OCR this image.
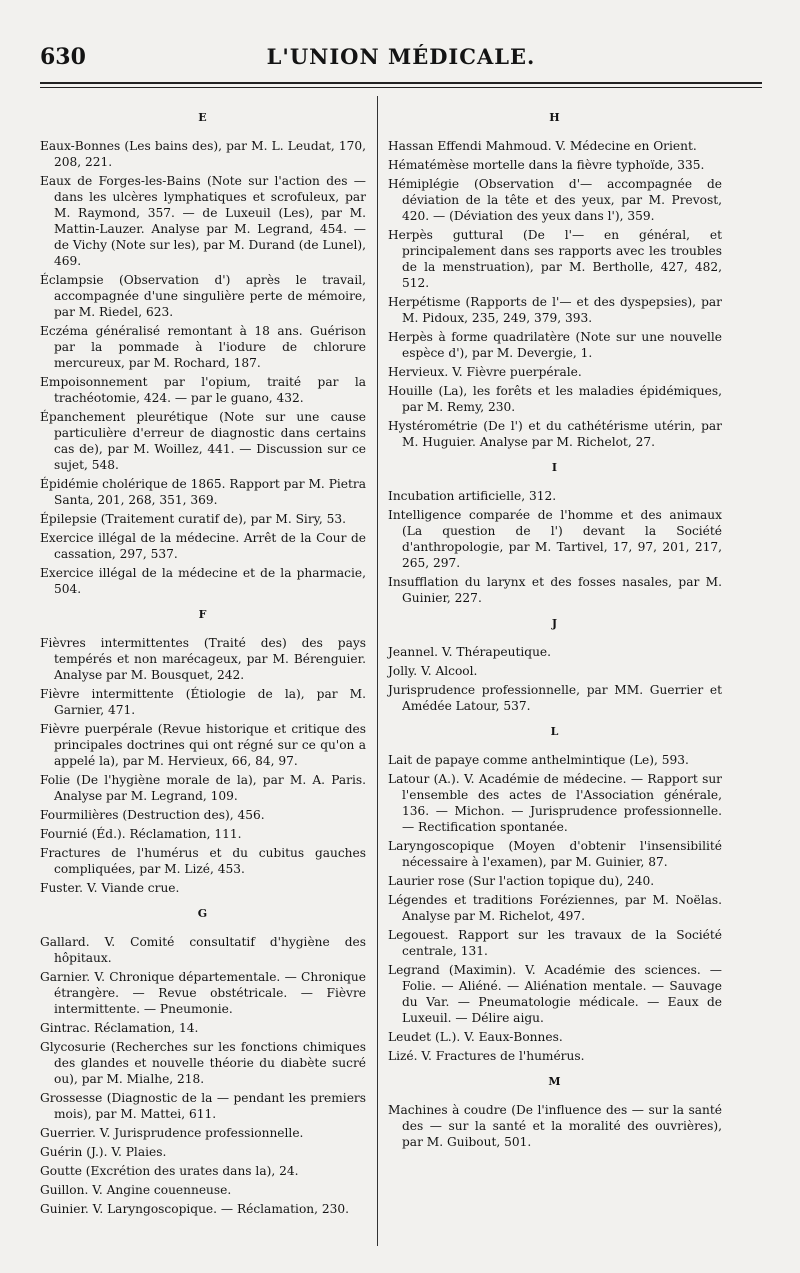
630	L'UNION MÉDICALE.
E

Eaux-Bonnes (Les bains des), par M. L. Leudat, 170, 208, 221.

Eaux de Forges-les-Bains (Note sur l'action des — dans les ulcères lymphatiques et scrofuleux, par M. Raymond, 357. — de Luxeuil (Les), par M. Mattin-Lauzer. Analyse par M. Legrand, 454. — de Vichy (Note sur les), par M. Durand (de Lunel), 469.

Éclampsie (Observation d') après le travail, accompagnée d'une singulière perte de mémoire, par M. Riedel, 623.

Eczéma généralisé remontant à 18 ans. Guérison par la pommade à l'iodure de chlorure mercureux, par M. Rochard, 187.

Empoisonnement par l'opium, traité par la trachéotomie, 424. — par le guano, 432.

Épanchement pleurétique (Note sur une cause particulière d'erreur de diagnostic dans certains cas de), par M. Woillez, 441. — Discussion sur ce sujet, 548.

Épidémie cholérique de 1865. Rapport par M. Pietra Santa, 201, 268, 351, 369.

Épilepsie (Traitement curatif de), par M. Siry, 53.

Exercice illégal de la médecine. Arrêt de la Cour de cassation, 297, 537.

Exercice illégal de la médecine et de la pharmacie, 504.

F

Fièvres intermittentes (Traité des) des pays tempérés et non marécageux, par M. Bérenguier. Analyse par M. Bousquet, 242.

Fièvre intermittente (Étiologie de la), par M. Garnier, 471.

Fièvre puerpérale (Revue historique et critique des principales doctrines qui ont régné sur ce qu'on a appelé la), par M. Hervieux, 66, 84, 97.

Folie (De l'hygiène morale de la), par M. A. Paris. Analyse par M. Legrand, 109.

Fourmilières (Destruction des), 456.

Fournié (Éd.). Réclamation, 111.

Fractures de l'humérus et du cubitus gauches compliquées, par M. Lizé, 453.

Fuster. V. Viande crue.

G

Gallard. V. Comité consultatif d'hygiène des hôpitaux.

Garnier. V. Chronique départementale. — Chronique étrangère. — Revue obstétricale. — Fièvre intermittente. — Pneumonie.

Gintrac. Réclamation, 14.

Glycosurie (Recherches sur les fonctions chimiques des glandes et nouvelle théorie du diabète sucré ou), par M. Mialhe, 218.

Grossesse (Diagnostic de la — pendant les premiers mois), par M. Mattei, 611.

Guerrier. V. Jurisprudence professionnelle.

Guérin (J.). V. Plaies.

Goutte (Excrétion des urates dans la), 24.

Guillon. V. Angine couenneuse.

Guinier. V. Laryngoscopique. — Réclamation, 230.

H

Hassan Effendi Mahmoud. V. Médecine en Orient.

Hématémèse mortelle dans la fièvre typhoïde, 335.

Hémiplégie (Observation d'— accompagnée de déviation de la tête et des yeux, par M. Prevost, 420. — (Déviation des yeux dans l'), 359.

Herpès guttural (De l'— en général, et principalement dans ses rapports avec les troubles de la menstruation), par M. Bertholle, 427, 482, 512.

Herpétisme (Rapports de l'— et des dyspepsies), par M. Pidoux, 235, 249, 379, 393.

Herpès à forme quadrilatère (Note sur une nouvelle espèce d'), par M. Devergie, 1.

Hervieux. V. Fièvre puerpérale.

Houille (La), les forêts et les maladies épidémiques, par M. Remy, 230.

Hystérométrie (De l') et du cathétérisme utérin, par M. Huguier. Analyse par M. Richelot, 27.

I

Incubation artificielle, 312.

Intelligence comparée de l'homme et des animaux (La question de l') devant la Société d'anthropologie, par M. Tartivel, 17, 97, 201, 217, 265, 297.

Insufflation du larynx et des fosses nasales, par M. Guinier, 227.

J

Jeannel. V. Thérapeutique.

Jolly. V. Alcool.

Jurisprudence professionnelle, par MM. Guerrier et Amédée Latour, 537.

L

Lait de papaye comme anthelmintique (Le), 593.

Latour (A.). V. Académie de médecine. — Rapport sur l'ensemble des actes de l'Association générale, 136. — Michon. — Jurisprudence professionnelle. — Rectification spontanée.

Laryngoscopique (Moyen d'obtenir l'insensibilité nécessaire à l'examen), par M. Guinier, 87.

Laurier rose (Sur l'action topique du), 240.

Légendes et traditions Foréziennes, par M. Noëlas. Analyse par M. Richelot, 497.

Legouest. Rapport sur les travaux de la Société centrale, 131.

Legrand (Maximin). V. Académie des sciences. — Folie. — Aliéné. — Aliénation mentale. — Sauvage du Var. — Pneumatologie médicale. — Eaux de Luxeuil. — Délire aigu.

Leudet (L.). V. Eaux-Bonnes.

Lizé. V. Fractures de l'humérus.

M

Machines à coudre (De l'influence des — sur la santé des — sur la santé et la moralité des ouvrières), par M. Guibout, 501.
